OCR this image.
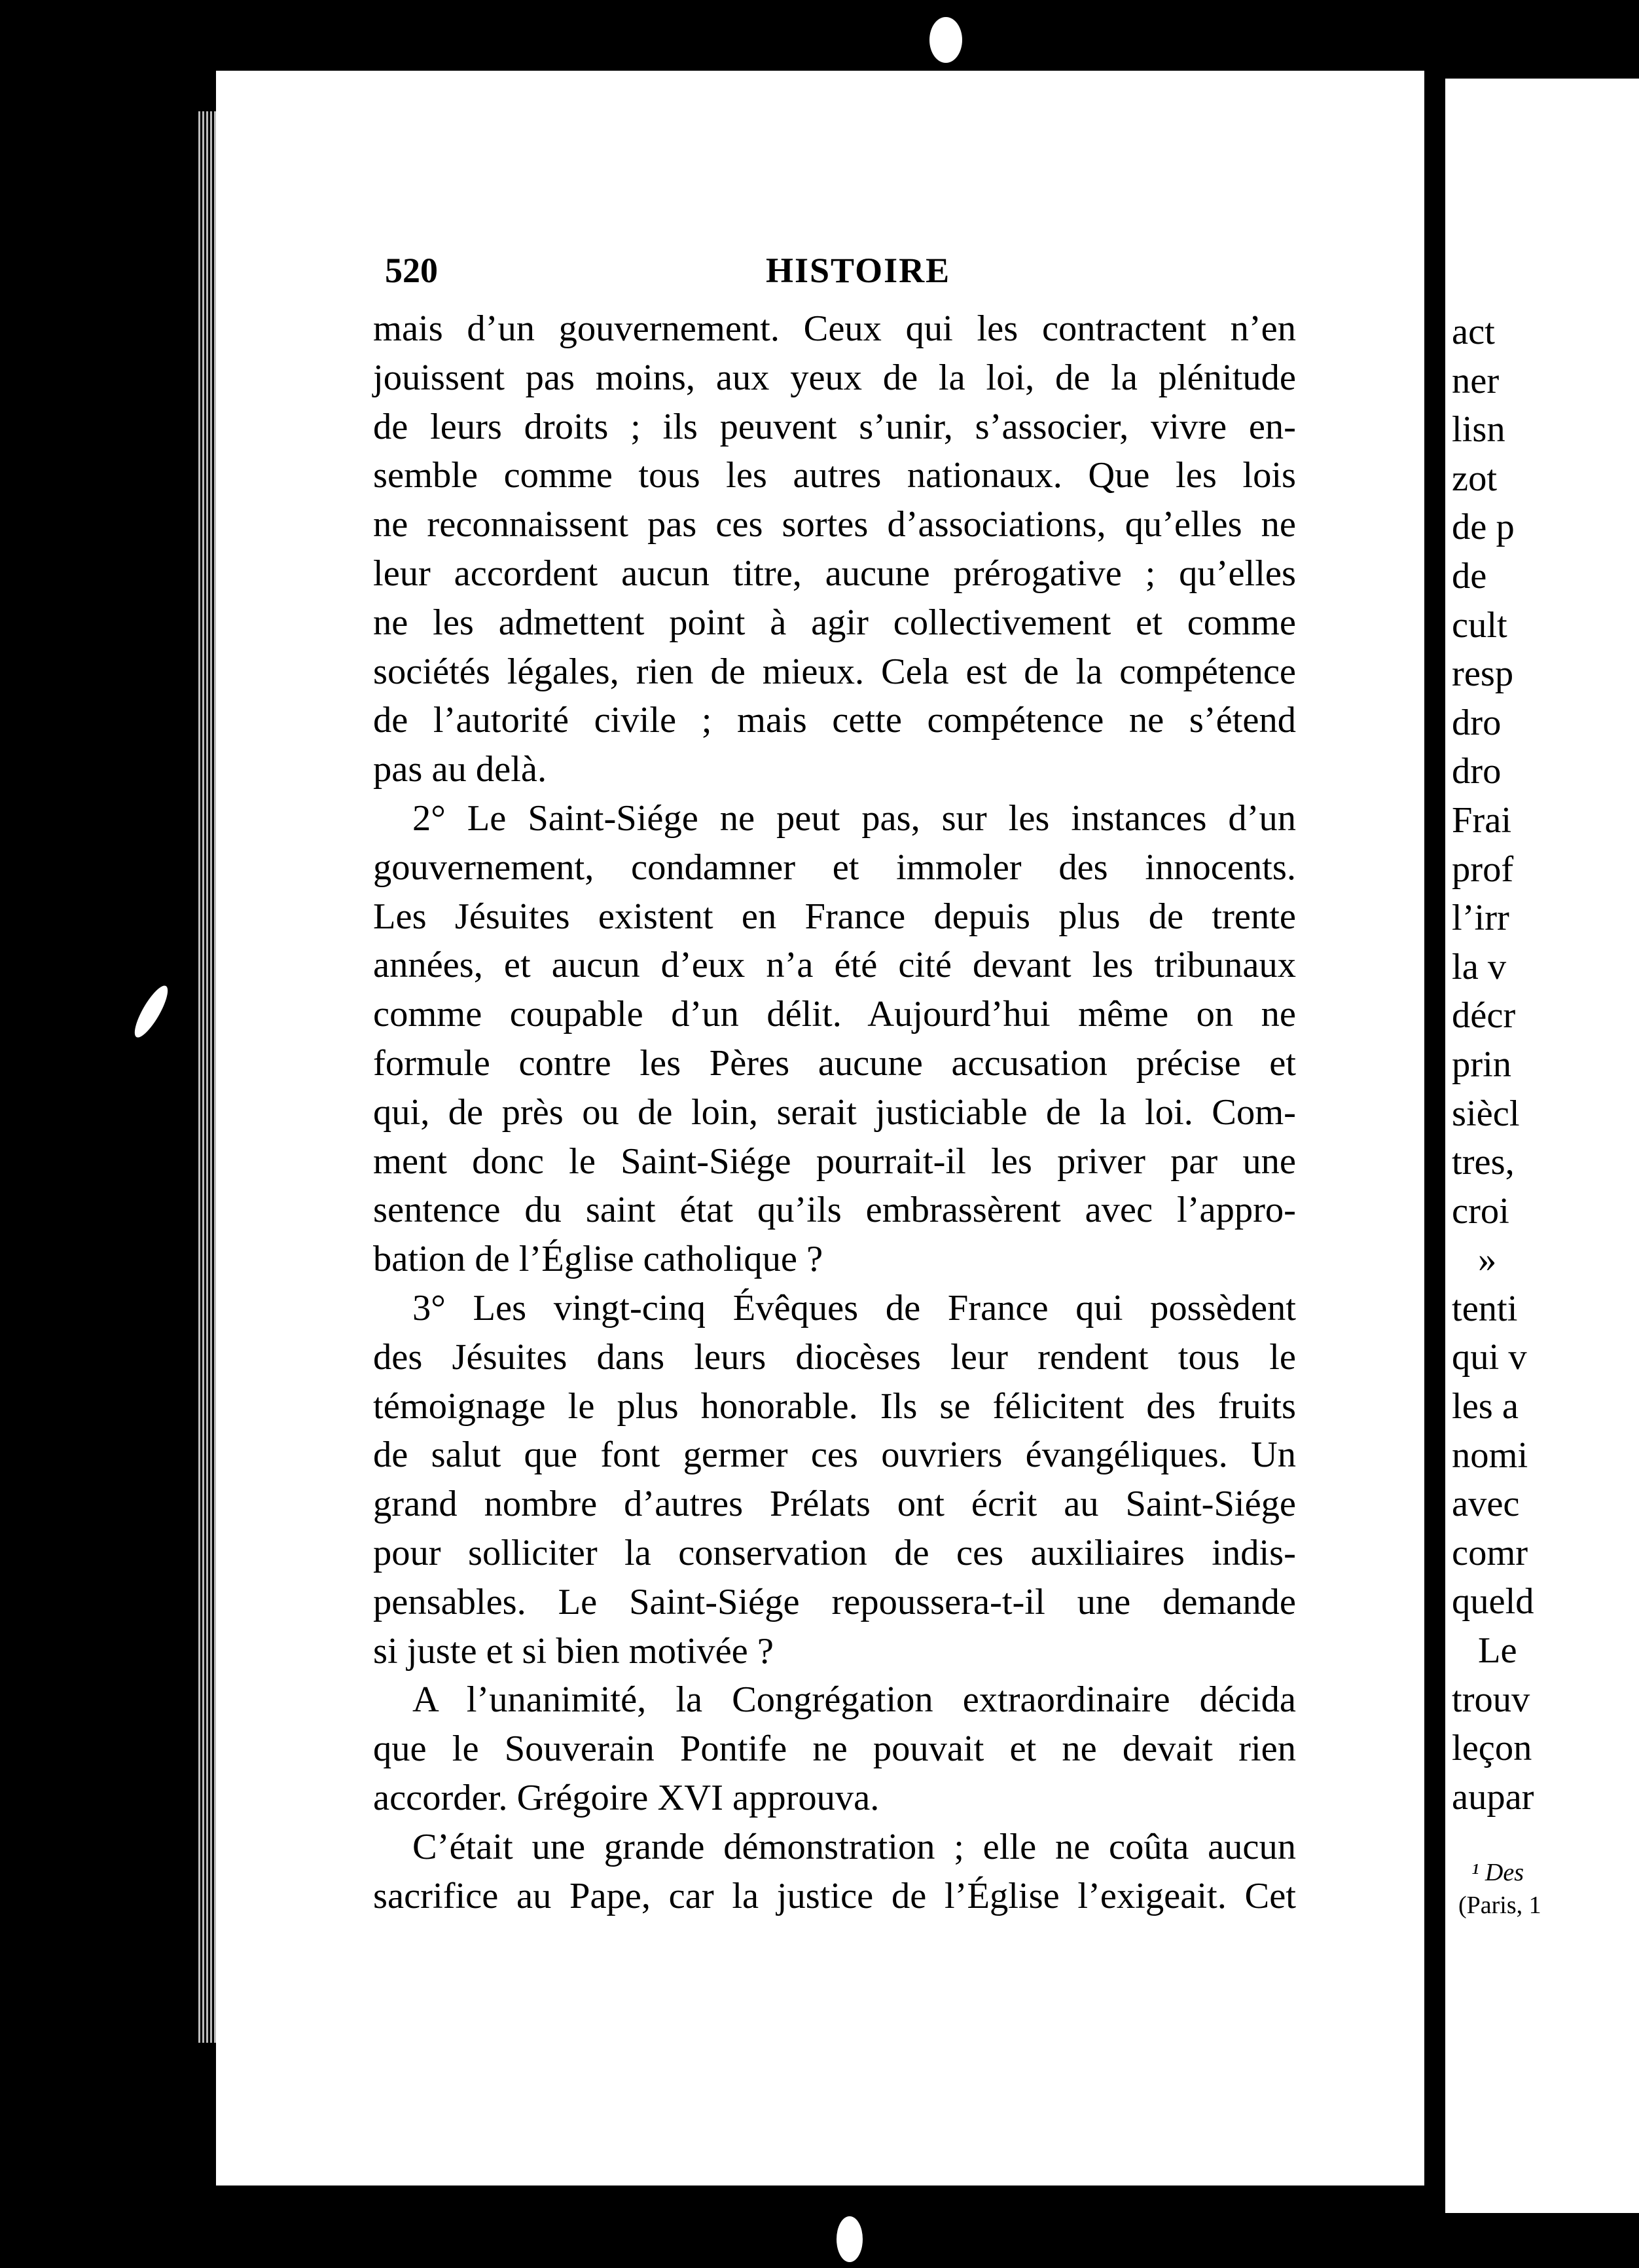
520	HISTOIRE
mais d’un gouvernement. Ceux qui les contractent n’en
jouissent pas moins, aux yeux de la loi, de la plénitude
de leurs droits ; ils peuvent s’unir, s’associer, vivre en-
semble comme tous les autres nationaux. Que les lois
ne reconnaissent pas ces sortes d’associations, qu’elles ne
leur accordent aucun titre, aucune prérogative ; qu’elles
ne les admettent point à agir collectivement et comme
sociétés légales, rien de mieux. Cela est de la compétence
de l’autorité civile ; mais cette compétence ne s’étend
pas au delà.
2° Le Saint-Siége ne peut pas, sur les instances d’un
gouvernement, condamner et immoler des innocents.
Les Jésuites existent en France depuis plus de trente
années, et aucun d’eux n’a été cité devant les tribunaux
comme coupable d’un délit. Aujourd’hui même on ne
formule contre les Pères aucune accusation précise et
qui, de près ou de loin, serait justiciable de la loi. Com-
ment donc le Saint-Siége pourrait-il les priver par une
sentence du saint état qu’ils embrassèrent avec l’appro-
bation de l’Église catholique ?
3° Les vingt-cinq Évêques de France qui possèdent
des Jésuites dans leurs diocèses leur rendent tous le
témoignage le plus honorable. Ils se félicitent des fruits
de salut que font germer ces ouvriers évangéliques. Un
grand nombre d’autres Prélats ont écrit au Saint-Siége
pour solliciter la conservation de ces auxiliaires indis-
pensables. Le Saint-Siége repoussera-t-il une demande
si juste et si bien motivée ?
A l’unanimité, la Congrégation extraordinaire décida
que le Souverain Pontife ne pouvait et ne devait rien
accorder. Grégoire XVI approuva.
C’était une grande démonstration ; elle ne coûta aucun
sacrifice au Pape, car la justice de l’Église l’exigeait. Cet
act
ner
lisn
zot
de p
de
cult
resp
dro
dro
Frai
prof
l’irr
la v
décr
prin
siècl
tres,
croi
»
tenti
qui v
les a
nomi
avec
comr
queld
Le
trouv
leçon
aupar
¹ Des
(Paris, 1
